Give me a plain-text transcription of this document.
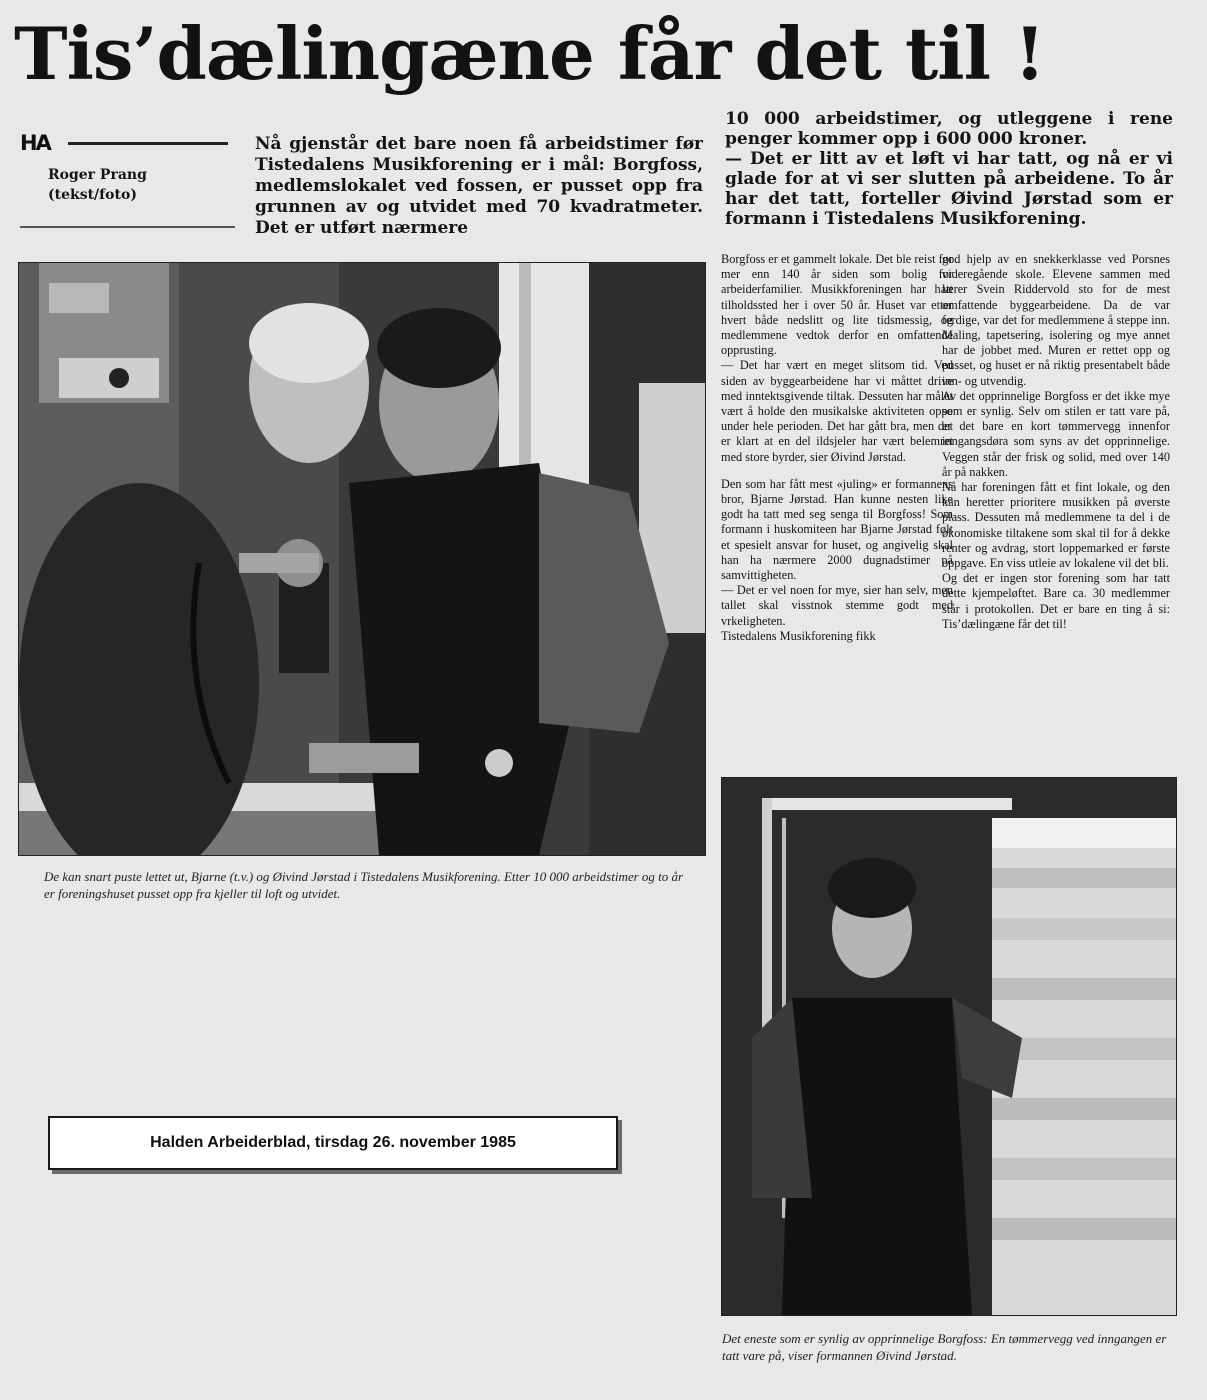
Tis’dælingæne får det til !
HA
Roger Prang
(tekst/foto)

Nå gjenstår det bare noen få arbeidstimer før Tistedalens Musikforening er i mål: Borgfoss, medlemslokalet ved fossen, er pusset opp fra grunnen av og utvidet med 70 kvadratmeter. Det er utført nærmere

10 000 arbeidstimer, og utleggene i rene penger kommer opp i 600 000 kroner.

— Det er litt av et løft vi har tatt, og nå er vi glade for at vi ser slutten på arbeidene. To år har det tatt, forteller Øivind Jørstad som er formann i Tistedalens Musikforening.

De kan snart puste lettet ut, Bjarne (t.v.) og Øivind Jørstad i Tistedalens Musikforening. Etter 10 000 arbeidstimer og to år er foreningshuset pusset opp fra kjeller til loft og utvidet.

Borgfoss er et gammelt lokale. Det ble reist for mer enn 140 år siden som bolig for arbeiderfamilier. Musikkforeningen har hatt tilholdssted her i over 50 år. Huset var etter hvert både nedslitt og lite tidsmessig, og medlemmene vedtok derfor en omfattende opprusting.

— Det har vært en meget slitsom tid. Ved siden av byggearbeidene har vi måttet drive med inntektsgivende tiltak. Dessuten har målet vært å holde den musikalske aktiviteten oppe under hele perioden. Det har gått bra, men det er klart at en del ildsjeler har vært belemret med store byrder, sier Øivind Jørstad.

Den som har fått mest «juling» er formannens bror, Bjarne Jørstad. Han kunne nesten like godt ha tatt med seg senga til Borgfoss! Som formann i huskomiteen har Bjarne Jørstad følt et spesielt ansvar for huset, og angivelig skal han ha nærmere 2000 dugnadstimer på samvittigheten.

— Det er vel noen for mye, sier han selv, men tallet skal visstnok stemme godt med vrkeligheten.

Tistedalens Musikforening fikk

god hjelp av en snekkerklasse ved Porsnes videregående skole. Elevene sammen med lærer Svein Riddervold sto for de mest omfattende byggearbeidene. Da de var ferdige, var det for medlemmene å steppe inn. Maling, tapetsering, isolering og mye annet har de jobbet med. Muren er rettet opp og pusset, og huset er nå riktig presentabelt både inn- og utvendig.

Av det opprinnelige Borgfoss er det ikke mye som er synlig. Selv om stilen er tatt vare på, er det bare en kort tømmervegg innenfor inngangsdøra som syns av det opprinnelige. Veggen står der frisk og solid, med over 140 år på nakken.

Nå har foreningen fått et fint lokale, og den kan heretter prioritere musikken på øverste plass. Dessuten må medlemmene ta del i de økonomiske tiltakene som skal til for å dekke renter og avdrag, stort loppemarked er første oppgave. En viss utleie av lokalene vil det bli.

Og det er ingen stor forening som har tatt dette kjempeløftet. Bare ca. 30 medlemmer står i protokollen. Det er bare en ting å si: Tis’dælingæne får det til!

Det eneste som er synlig av opprinnelige Borgfoss: En tømmervegg ved inngangen er tatt vare på, viser formannen Øivind Jørstad.
Halden Arbeiderblad, tirsdag 26. november 1985
